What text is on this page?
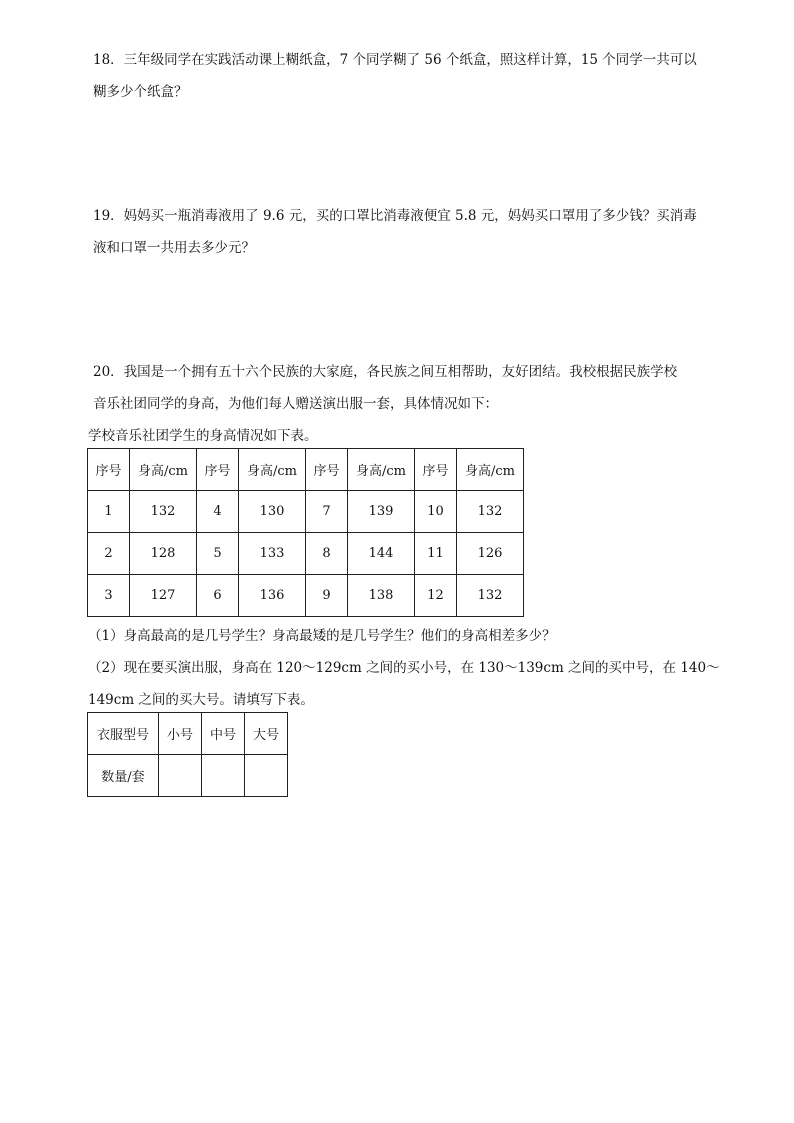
18．三年级同学在实践活动课上糊纸盒，7 个同学糊了 56 个纸盒，照这样计算，15 个同学一共可以
糊多少个纸盒？
19．妈妈买一瓶消毒液用了 9.6 元，买的口罩比消毒液便宜 5.8 元，妈妈买口罩用了多少钱？买消毒
液和口罩一共用去多少元？
20．我国是一个拥有五十六个民族的大家庭，各民族之间互相帮助，友好团结。我校根据民族学校
音乐社团同学的身高，为他们每人赠送演出服一套，具体情况如下：
学校音乐社团学生的身高情况如下表。
序号	身高/cm	序号	身高/cm	序号	身高/cm	序号	身高/cm
1	132	4	130	7	139	10	132
2	128	5	133	8	144	11	126
3	127	6	136	9	138	12	132
（1）身高最高的是几号学生？身高最矮的是几号学生？他们的身高相差多少？
（2）现在要买演出服，身高在 120～129cm 之间的买小号，在 130～139cm 之间的买中号，在 140～
149cm 之间的买大号。请填写下表。
衣服型号	小号	中号	大号
数量/套			
